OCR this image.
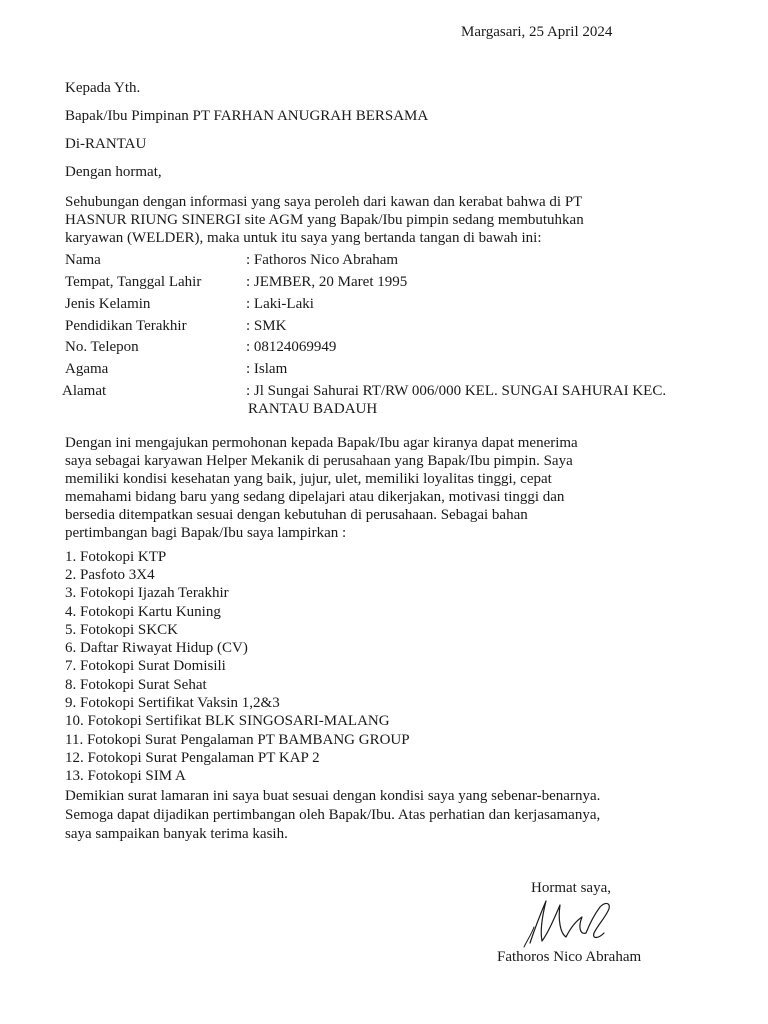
Margasari, 25 April 2024
Kepada Yth.
Bapak/Ibu Pimpinan PT FARHAN ANUGRAH BERSAMA
Di-RANTAU
Dengan hormat,
Sehubungan dengan informasi yang saya peroleh dari kawan dan kerabat bahwa di PT
HASNUR RIUNG SINERGI site AGM yang Bapak/Ibu pimpin sedang membutuhkan
karyawan (WELDER), maka untuk itu saya yang bertanda tangan di bawah ini:
Nama	: Fathoros Nico Abraham
Tempat, Tanggal Lahir	: JEMBER, 20 Maret 1995
Jenis Kelamin	: Laki-Laki
Pendidikan Terakhir	: SMK
No. Telepon	: 08124069949
Agama	: Islam
Alamat	: Jl Sungai Sahurai RT/RW 006/000 KEL. SUNGAI SAHURAI KEC.
RANTAU BADAUH
Dengan ini mengajukan permohonan kepada Bapak/Ibu agar kiranya dapat menerima
saya sebagai karyawan Helper Mekanik di perusahaan yang Bapak/Ibu pimpin. Saya
memiliki kondisi kesehatan yang baik, jujur, ulet, memiliki loyalitas tinggi, cepat
memahami bidang baru yang sedang dipelajari atau dikerjakan, motivasi tinggi dan
bersedia ditempatkan sesuai dengan kebutuhan di perusahaan. Sebagai bahan
pertimbangan bagi Bapak/Ibu saya lampirkan :
1. Fotokopi KTP
2. Pasfoto 3X4
3. Fotokopi Ijazah Terakhir
4. Fotokopi Kartu Kuning
5. Fotokopi SKCK
6. Daftar Riwayat Hidup (CV)
7. Fotokopi Surat Domisili
8. Fotokopi Surat Sehat
9. Fotokopi Sertifikat Vaksin 1,2&3
10. Fotokopi Sertifikat BLK SINGOSARI-MALANG
11. Fotokopi Surat Pengalaman PT BAMBANG GROUP
12. Fotokopi Surat Pengalaman PT KAP 2
13. Fotokopi SIM A
Demikian surat lamaran ini saya buat sesuai dengan kondisi saya yang sebenar-benarnya.
Semoga dapat dijadikan pertimbangan oleh Bapak/Ibu. Atas perhatian dan kerjasamanya,
saya sampaikan banyak terima kasih.
Hormat saya,
Fathoros Nico Abraham
